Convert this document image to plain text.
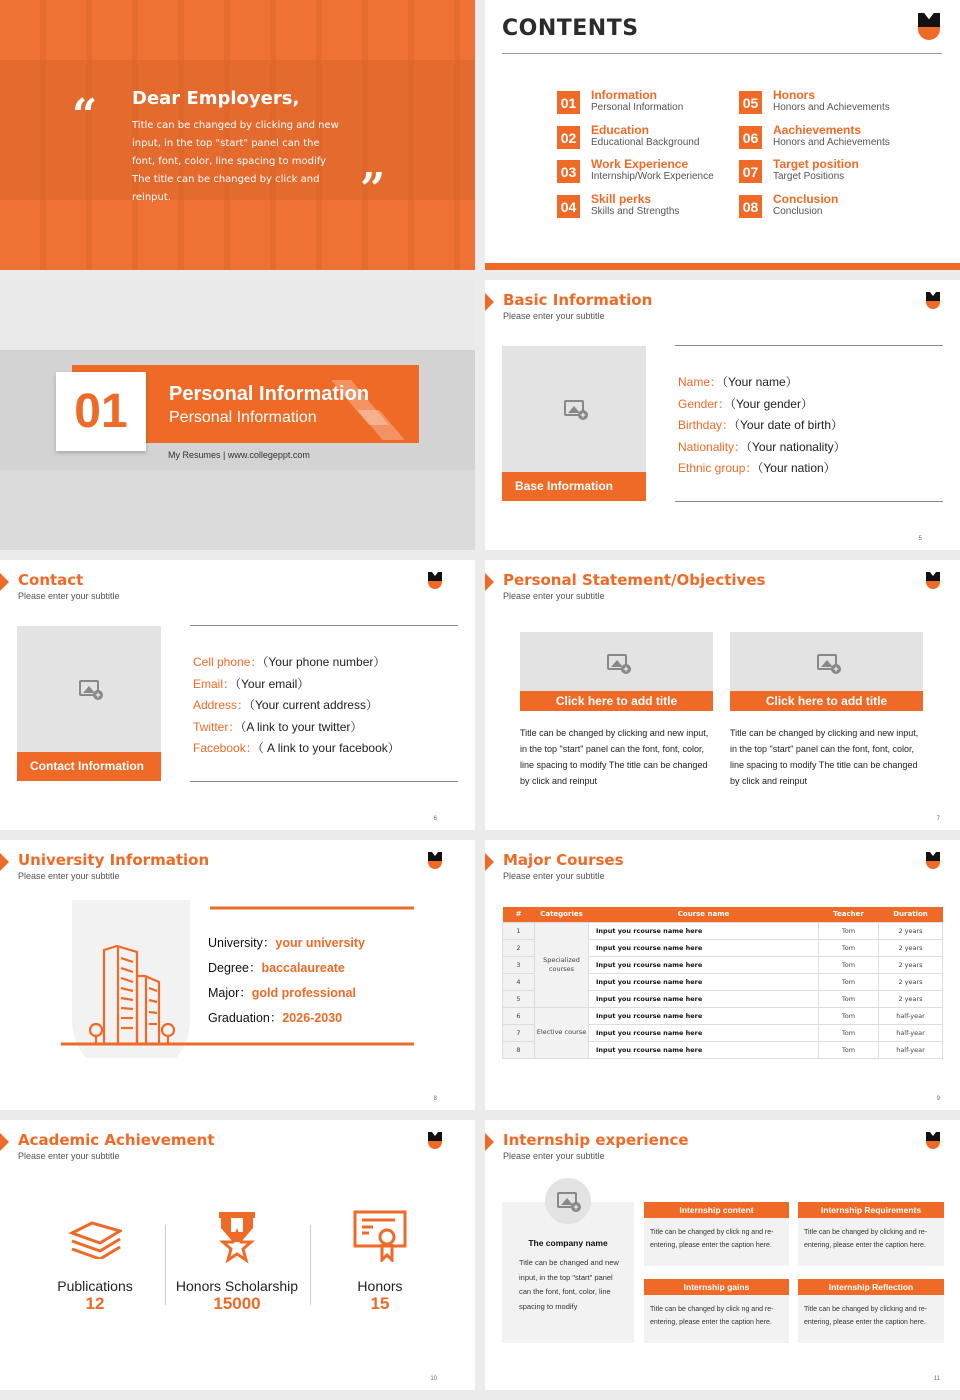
“ Dear Employers,
Title can be changed by clicking and new input, in the top "start" panel can the font, font, color, line spacing to modify The title can be changed by click and reinput.	”
CONTENTS
01	Information
Personal Information
02	Education
Educational Background
03	Work Experience
Internship/Work Experience
04	Skill perks
Skills and Strengths
05	Honors
Honors and Achievements
06	Aachievements
Honors and Achievements
07	Target position
Target Positions
08	Conclusion
Conclusion
01	Personal Information
Personal Information
My Resumes | www.collegeppt.com
Basic Information
Please enter your subtitle
+
Base Information
Name：（Your name）
Gender：（Your gender）
Birthday：（Your date of birth）
Nationality：（Your nationality）
Ethnic group：（Your nation）
5
Contact
Please enter your subtitle
+
Contact Information
Cell phone：（Your phone number）
Email：（Your email）
Address：（Your current address）
Twitter：（A link to your twitter）
Facebook：（ A link to your facebook）
6
Personal Statement/Objectives
Please enter your subtitle
+
Click here to add title
Title can be changed by clicking and new input, in the top "start" panel can the font, font, color, line spacing to modify The title can be changed by click and reinput
+
Click here to add title
Title can be changed by clicking and new input, in the top "start" panel can the font, font, color, line spacing to modify The title can be changed by click and reinput
7
University Information
Please enter your subtitle
University：your university
Degree：baccalaureate
Major：gold professional
Graduation：2026-2030
8
Major Courses
Please enter your subtitle
#	Categories	Course name	Teacher	Duration
1	Specialized courses	Input you rcourse name here	Tom	2 years
2		Input you rcourse name here	Tom	2 years
3		Input you rcourse name here	Tom	2 years
4		Input you rcourse name here	Tom	2 years
5		Input you rcourse name here	Tom	2 years
6	Elective course	Input you rcourse name here	Tom	half-year
7		Input you rcourse name here	Tom	half-year
8		Input you rcourse name here	Tom	half-year
9
Academic Achievement
Please enter your subtitle
Publications
12
Honors Scholarship
15000
Honors
15
10
Internship experience
Please enter your subtitle
The company name
Title can be changed and new input, in the top "start" panel can the font, font, color, line spacing to modify
+	Internship content
Title can be changed by click ng and re-entering, please enter the caption here.
Internship Requirements
Title can be changed by clicking and re-entering, please enter the caption here.
Internship gains
Title can be changed by click ng and re-entering, please enter the caption here.
Internship Reflection
Title can be changed by clicking and re-entering, please enter the caption here.
11
